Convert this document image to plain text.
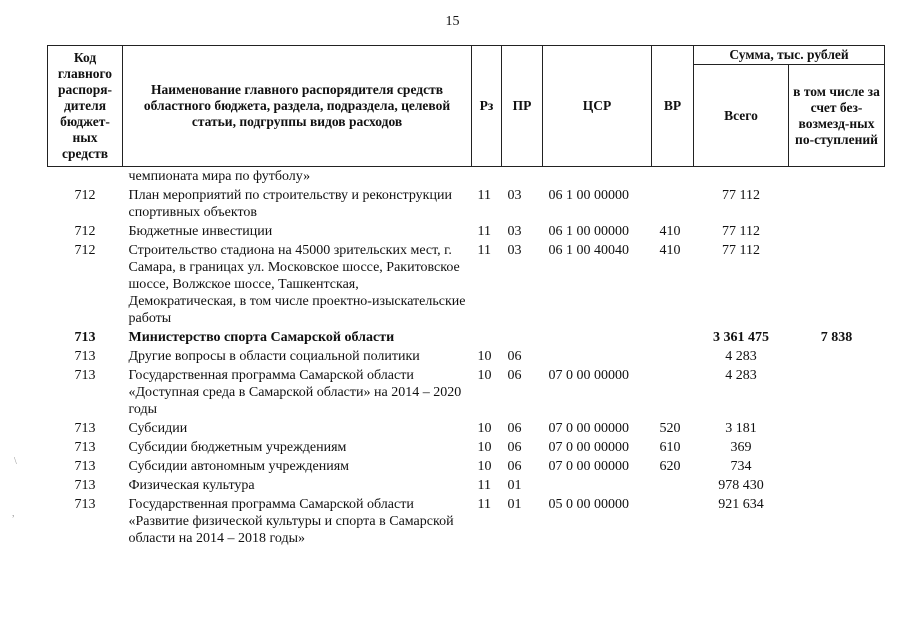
15
Код главного распоря-дителя бюджет-ных средств	Наименование главного распорядителя средств областного бюджета, раздела, подраздела, целевой статьи, подгруппы видов расходов	Рз	ПР	ЦСР	ВР	Сумма, тыс. рублей	
						Всего	в том числе за счет без-возмезд-ных по-ступлений
	чемпионата мира по футболу»						
712	План мероприятий по строительству и реконструкции спортивных объектов	11	03	06 1 00 00000		77 112	
712	Бюджетные инвестиции	11	03	06 1 00 00000	410	77 112	
712	Строительство стадиона на 45000 зрительских мест, г. Самара, в границах ул. Московское шоссе, Ракитовское шоссе, Волжское шоссе, Ташкентская, Демократическая, в том числе проектно-изыскательские работы	11	03	06 1 00 40040	410	77 112	
713	Министерство спорта Самарской области					3 361 475	7 838
713	Другие вопросы в области социальной политики	10	06			4 283	
713	Государственная программа Самарской области «Доступная среда в Самарской области» на 2014 – 2020 годы	10	06	07 0 00 00000		4 283	
713	Субсидии	10	06	07 0 00 00000	520	3 181	
713	Субсидии бюджетным учреждениям	10	06	07 0 00 00000	610	369	
713	Субсидии автономным учреждениям	10	06	07 0 00 00000	620	734	
713	Физическая культура	11	01			978 430	
713	Государственная программа Самарской области «Развитие физической культуры и спорта в Самарской области на 2014 – 2018 годы»	11	01	05 0 00 00000		921 634	
\
,
